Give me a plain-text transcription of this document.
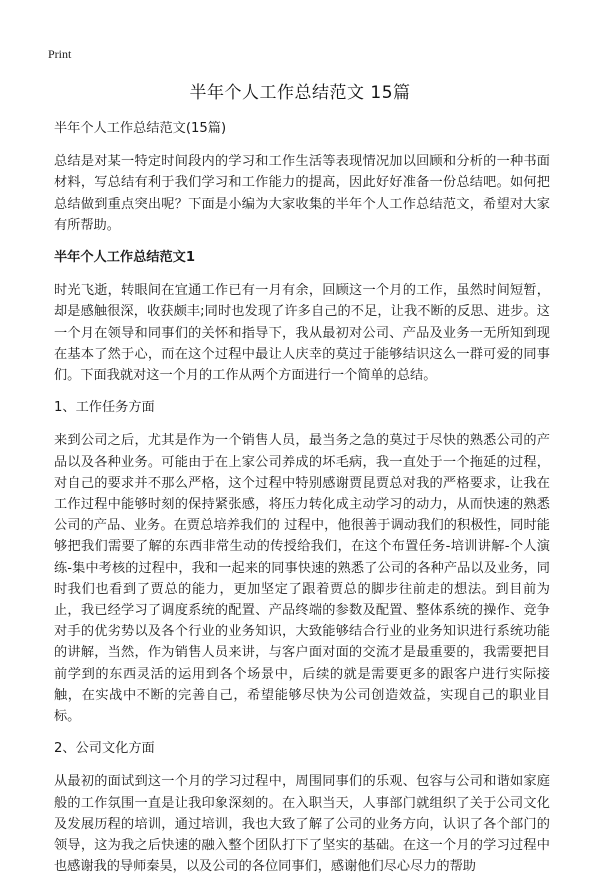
Print
半年个人工作总结范文 15篇

半年个人工作总结范文(15篇)

总结是对某一特定时间段内的学习和工作生活等表现情况加以回顾和分析的一种书面材料，写总结有利于我们学习和工作能力的提高，因此好好准备一份总结吧。如何把总结做到重点突出呢？下面是小编为大家收集的半年个人工作总结范文，希望对大家有所帮助。

半年个人工作总结范文1

时光飞逝，转眼间在宜通工作已有一月有余，回顾这一个月的工作，虽然时间短暂，却是感触很深，收获颇丰;同时也发现了许多自己的不足，让我不断的反思、进步。这一个月在领导和同事们的关怀和指导下，我从最初对公司、产品及业务一无所知到现在基本了然于心，而在这个过程中最让人庆幸的莫过于能够结识这么一群可爱的同事们。下面我就对这一个月的工作从两个方面进行一个简单的总结。

1、工作任务方面

来到公司之后，尤其是作为一个销售人员，最当务之急的莫过于尽快的熟悉公司的产品以及各种业务。可能由于在上家公司养成的坏毛病，我一直处于一个拖延的过程，对自己的要求并不那么严格，这个过程中特别感谢贾昆贾总对我的严格要求，让我在工作过程中能够时刻的保持紧张感，将压力转化成主动学习的动力，从而快速的熟悉公司的产品、业务。在贾总培养我们的 过程中，他很善于调动我们的积极性，同时能够把我们需要了解的东西非常生动的传授给我们，在这个布置任务-培训讲解-个人演练-集中考核的过程中，我和一起来的同事快速的熟悉了公司的各种产品以及业务，同时我们也看到了贾总的能力，更加坚定了跟着贾总的脚步往前走的想法。到目前为止，我已经学习了调度系统的配置、产品终端的参数及配置、整体系统的操作、竞争对手的优劣势以及各个行业的业务知识，大致能够结合行业的业务知识进行系统功能的讲解，当然，作为销售人员来讲，与客户面对面的交流才是最重要的，我需要把目前学到的东西灵活的运用到各个场景中，后续的就是需要更多的跟客户进行实际接触，在实战中不断的完善自己，希望能够尽快为公司创造效益，实现自己的职业目标。

2、公司文化方面

从最初的面试到这一个月的学习过程中，周围同事们的乐观、包容与公司和谐如家庭般的工作氛围一直是让我印象深刻的。在入职当天，人事部门就组织了关于公司文化及发展历程的培训，通过培训，我也大致了解了公司的业务方向，认识了各个部门的领导，这为我之后快速的融入整个团队打下了坚实的基础。在这一个月的学习过程中也感谢我的导师秦昊，以及公司的各位同事们，感谢他们尽心尽力的帮助
